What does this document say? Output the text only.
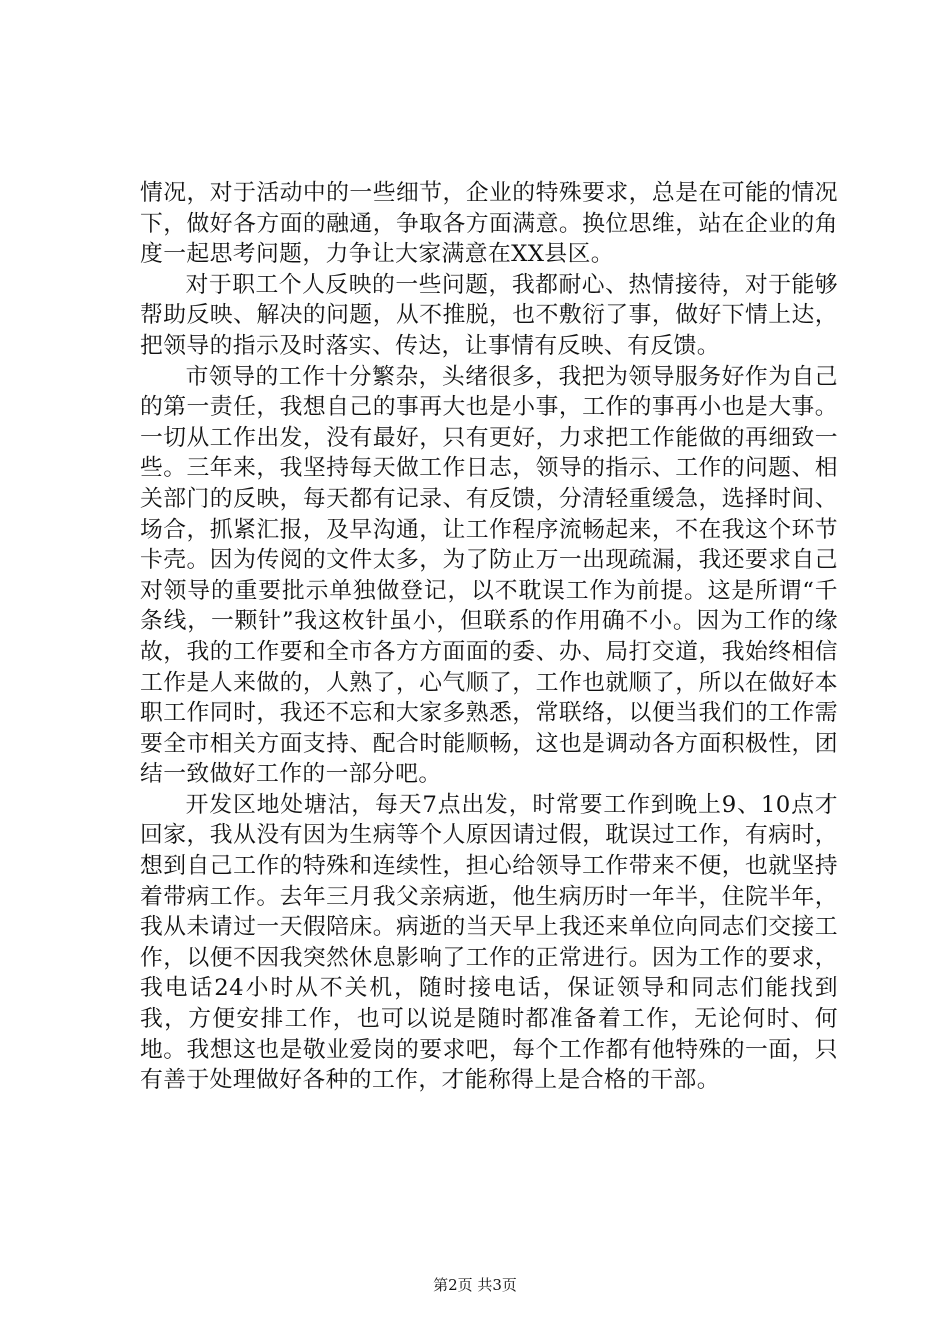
情况，对于活动中的一些细节，企业的特殊要求，总是在可能的情况下，做好各方面的融通，争取各方面满意。换位思维，站在企业的角度一起思考问题，力争让大家满意在XX县区。

对于职工个人反映的一些问题，我都耐心、热情接待，对于能够帮助反映、解决的问题，从不推脱，也不敷衍了事，做好下情上达，把领导的指示及时落实、传达，让事情有反映、有反馈。

市领导的工作十分繁杂，头绪很多，我把为领导服务好作为自己的第一责任，我想自己的事再大也是小事，工作的事再小也是大事。一切从工作出发，没有最好，只有更好，力求把工作能做的再细致一些。三年来，我坚持每天做工作日志，领导的指示、工作的问题、相关部门的反映，每天都有记录、有反馈，分清轻重缓急，选择时间、场合，抓紧汇报，及早沟通，让工作程序流畅起来，不在我这个环节卡壳。因为传阅的文件太多，为了防止万一出现疏漏，我还要求自己对领导的重要批示单独做登记，以不耽误工作为前提。这是所谓“千条线，一颗针”我这枚针虽小，但联系的作用确不小。因为工作的缘故，我的工作要和全市各方方面面的委、办、局打交道，我始终相信工作是人来做的，人熟了，心气顺了，工作也就顺了，所以在做好本职工作同时，我还不忘和大家多熟悉，常联络，以便当我们的工作需要全市相关方面支持、配合时能顺畅，这也是调动各方面积极性，团结一致做好工作的一部分吧。

开发区地处塘沽，每天7点出发，时常要工作到晚上9、10点才回家，我从没有因为生病等个人原因请过假，耽误过工作，有病时，想到自己工作的特殊和连续性，担心给领导工作带来不便，也就坚持着带病工作。去年三月我父亲病逝，他生病历时一年半，住院半年，我从未请过一天假陪床。病逝的当天早上我还来单位向同志们交接工作，以便不因我突然休息影响了工作的正常进行。因为工作的要求，我电话24小时从不关机，随时接电话，保证领导和同志们能找到我，方便安排工作，也可以说是随时都准备着工作，无论何时、何地。我想这也是敬业爱岗的要求吧，每个工作都有他特殊的一面，只有善于处理做好各种的工作，才能称得上是合格的干部。

第2页 共3页
